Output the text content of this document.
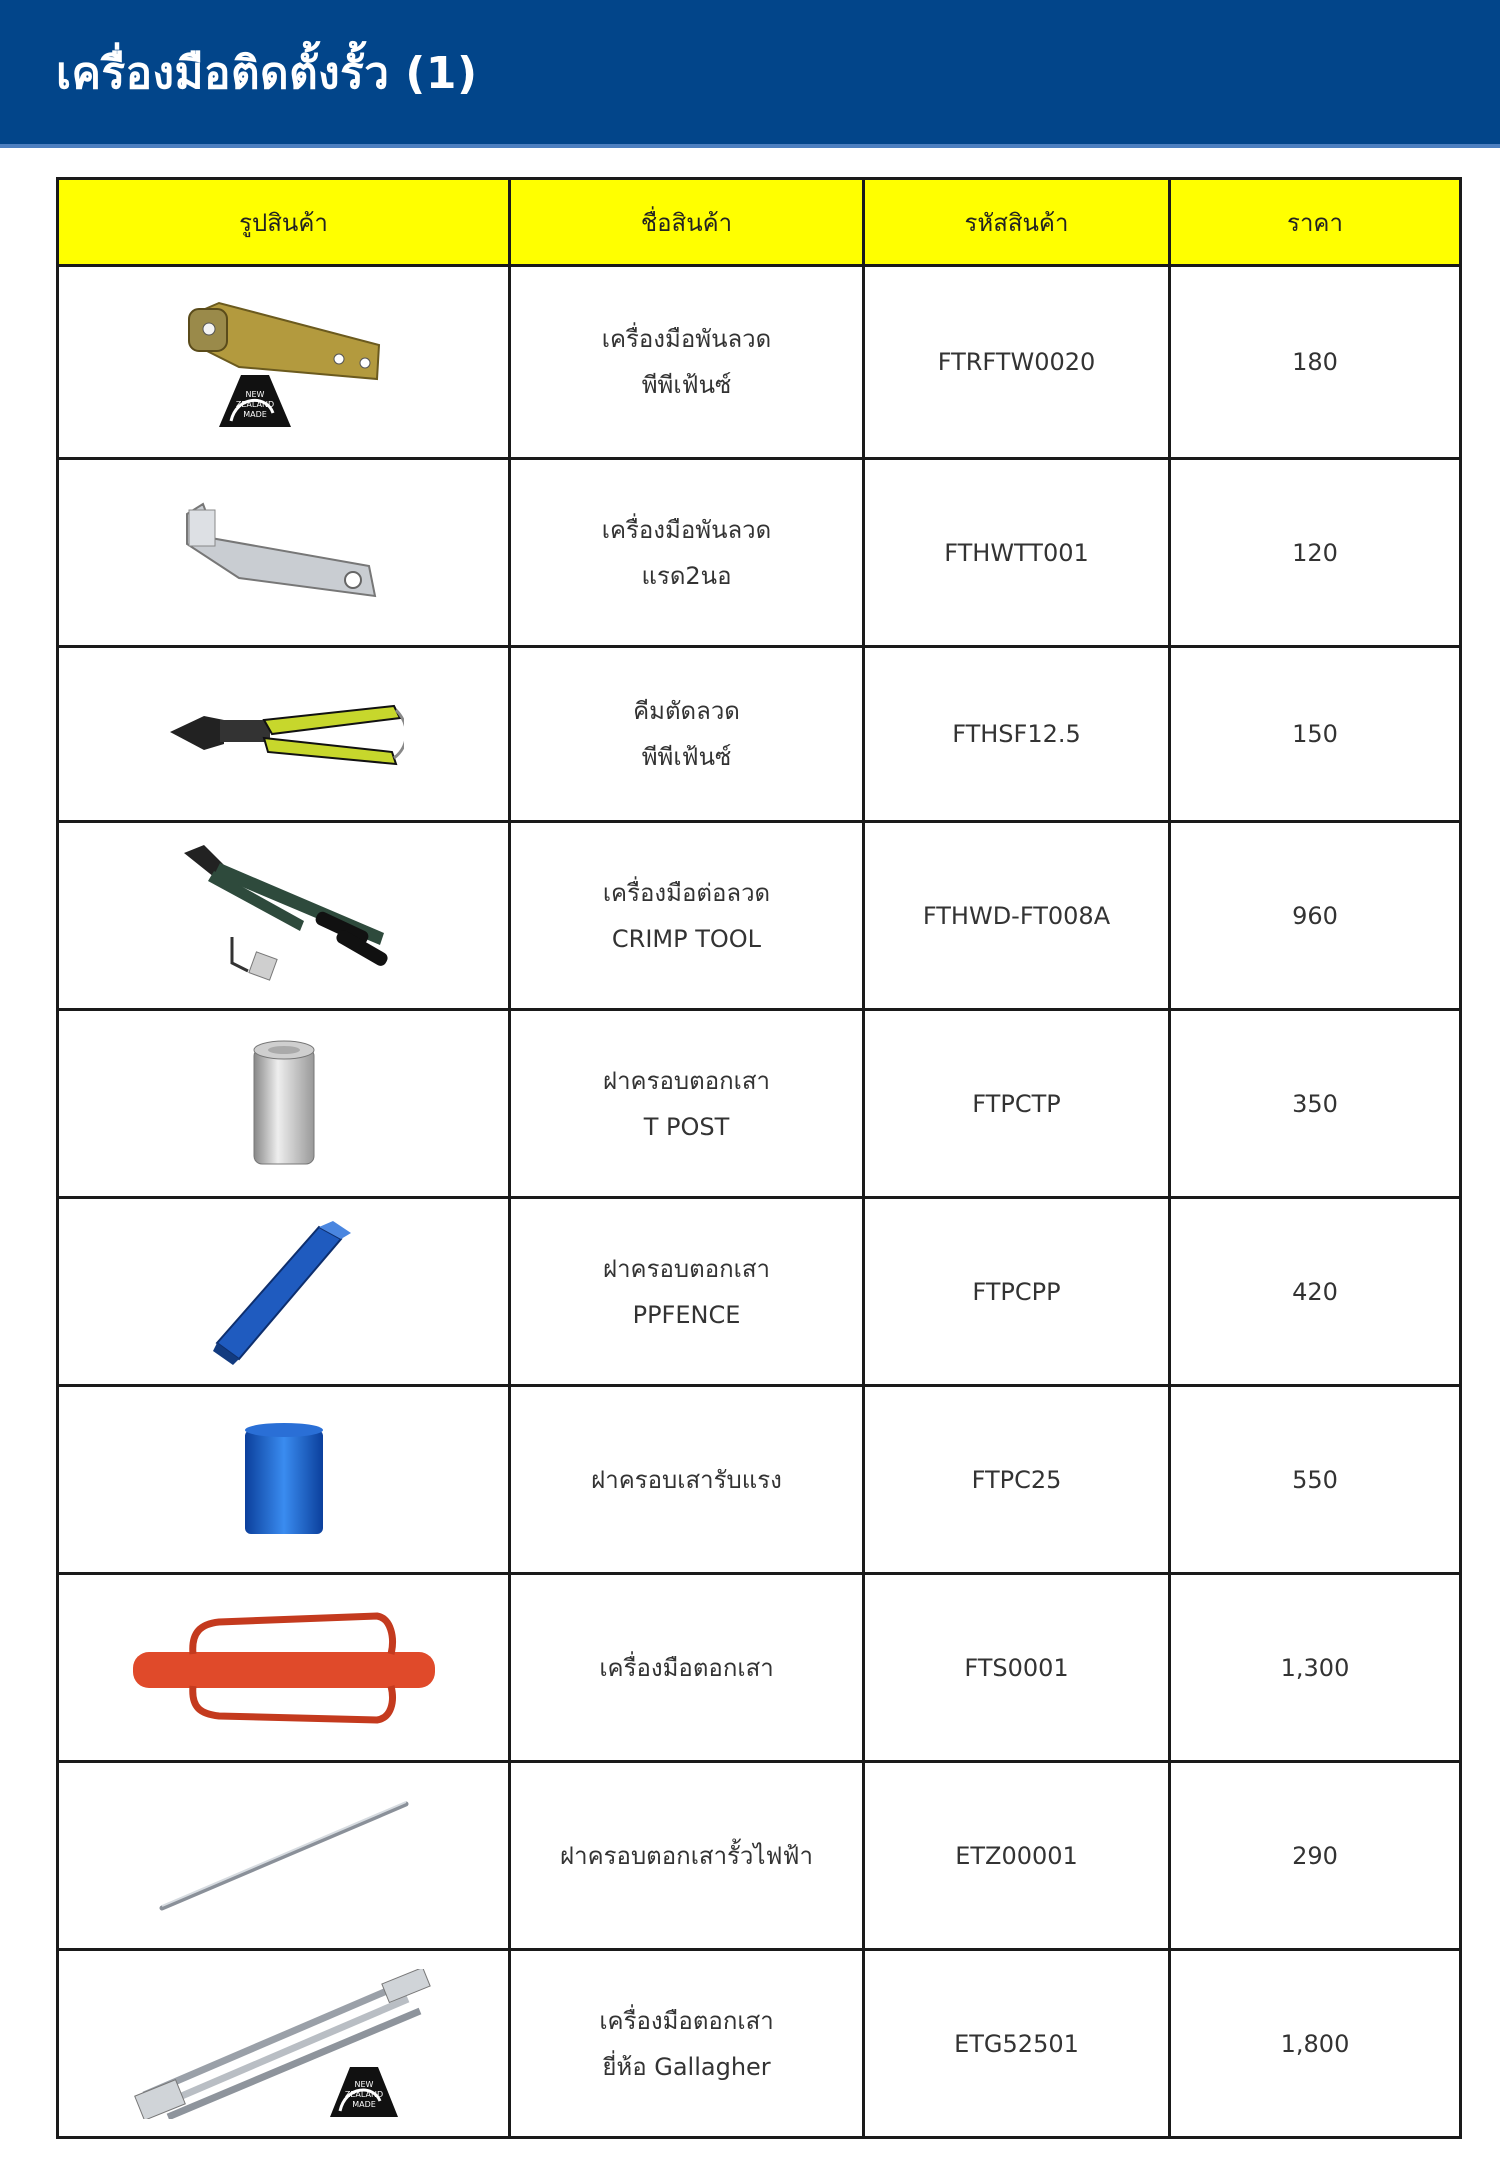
เครื่องมือติดตั้งรั้ว (1)
รูปสินค้า	ชื่อสินค้า	รหัสสินค้า	ราคา

NEW
ZEALAND
MADE	เครื่องมือพันลวด
พีพีเฟ้นซ์	FTRFTW0020	180

เครื่องมือพันลวด
แรด2นอ	FTHWTT001	120

คีมตัดลวด
พีพีเฟ้นซ์	FTHSF12.5	150

เครื่องมือต่อลวด
CRIMP TOOL	FTHWD-FT008A	960

ฝาครอบตอกเสา
T POST	FTPCTP	350

ฝาครอบตอกเสา
PPFENCE	FTPCPP	420

ฝาครอบเสารับแรง	FTPC25	550

เครื่องมือตอกเสา	FTS0001	1,300

ฝาครอบตอกเสารั้วไฟฟ้า	ETZ00001	290

NEW
ZEALAND
MADE	เครื่องมือตอกเสา
ยี่ห้อ Gallagher	ETG52501	1,800
